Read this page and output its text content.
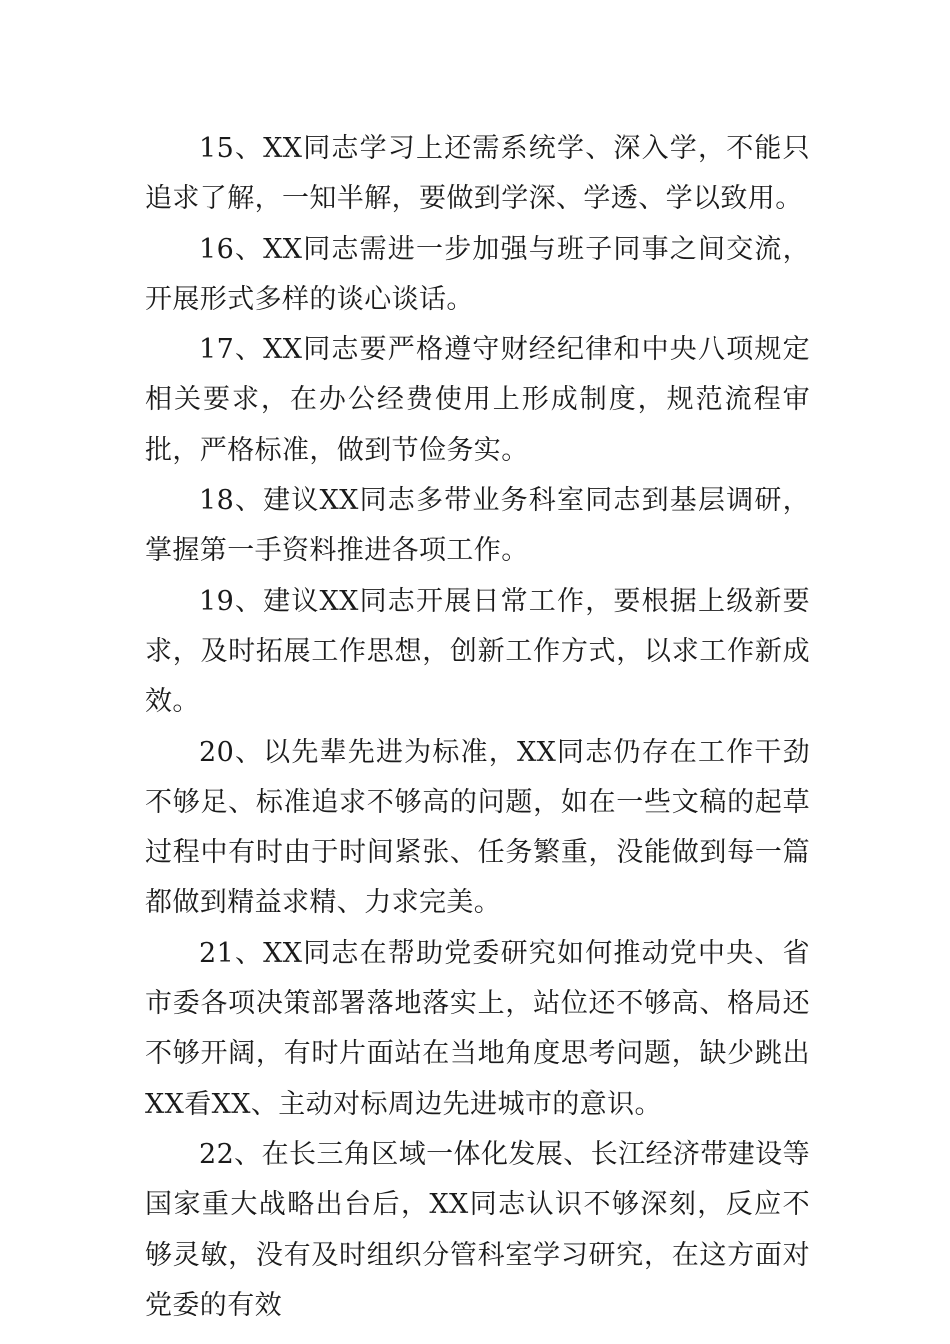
15、XX同志学习上还需系统学、深入学，不能只追求了解，一知半解，要做到学深、学透、学以致用。

16、XX同志需进一步加强与班子同事之间交流，开展形式多样的谈心谈话。

17、XX同志要严格遵守财经纪律和中央八项规定相关要求，在办公经费使用上形成制度，规范流程审批，严格标准，做到节俭务实。

18、建议XX同志多带业务科室同志到基层调研，掌握第一手资料推进各项工作。

19、建议XX同志开展日常工作，要根据上级新要求，及时拓展工作思想，创新工作方式，以求工作新成效。

20、以先辈先进为标准，XX同志仍存在工作干劲不够足、标准追求不够高的问题，如在一些文稿的起草过程中有时由于时间紧张、任务繁重，没能做到每一篇都做到精益求精、力求完美。

21、XX同志在帮助党委研究如何推动党中央、省市委各项决策部署落地落实上，站位还不够高、格局还不够开阔，有时片面站在当地角度思考问题，缺少跳出XX看XX、主动对标周边先进城市的意识。

22、在长三角区域一体化发展、长江经济带建设等国家重大战略出台后，XX同志认识不够深刻，反应不够灵敏，没有及时组织分管科室学习研究，在这方面对党委的有效
